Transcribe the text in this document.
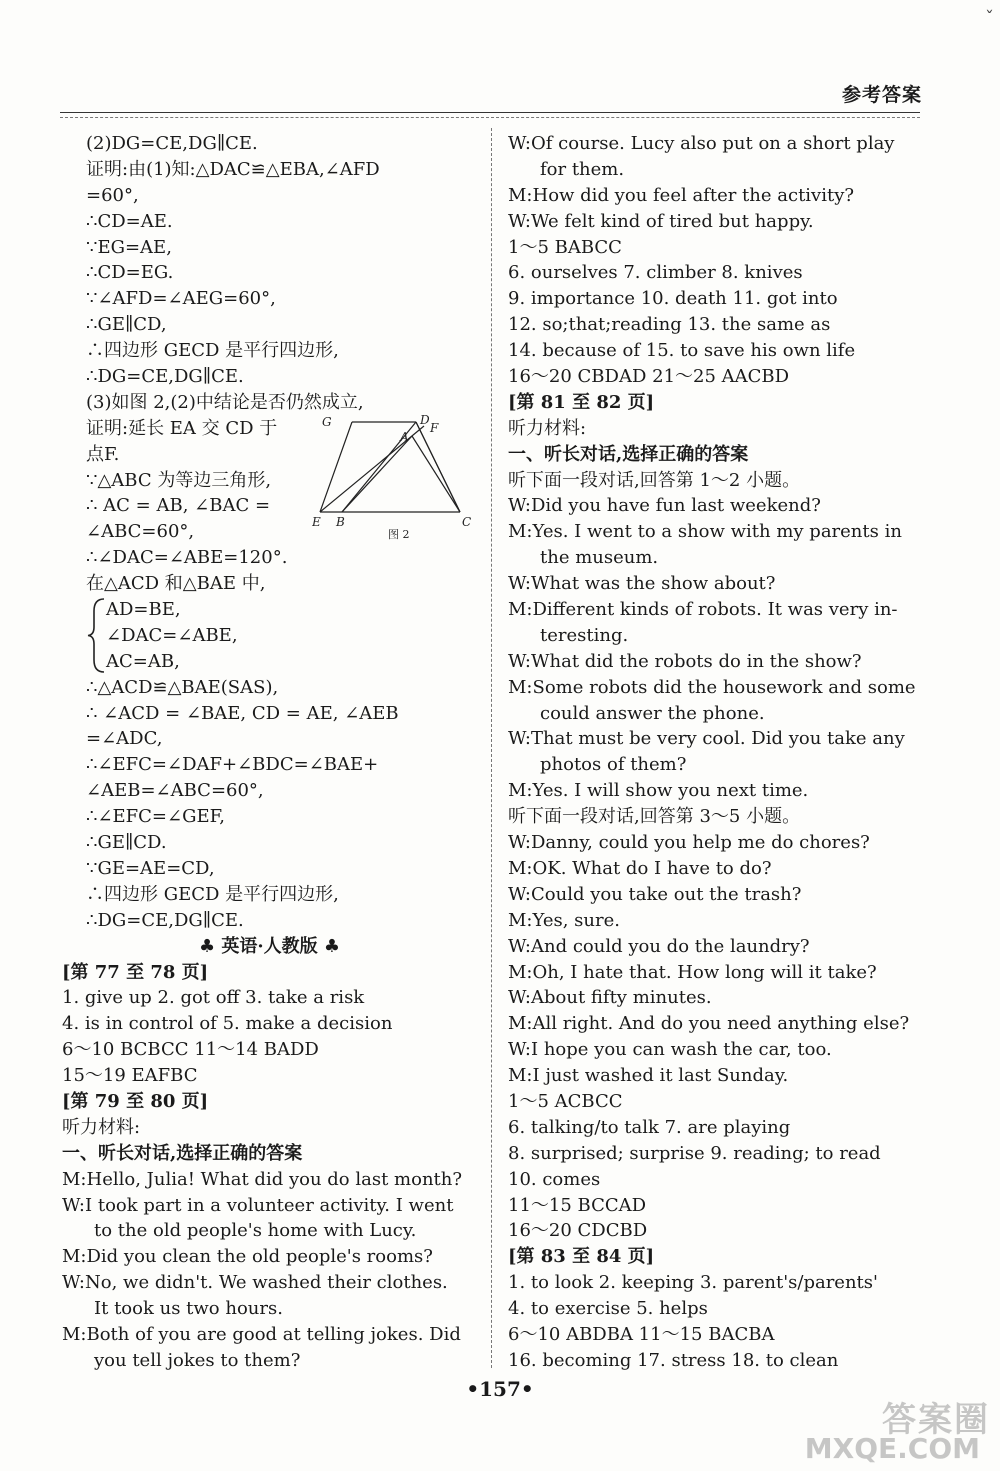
ˇ
参考答案
(2)DG=CE,DG∥CE.
证明:由(1)知:△DAC≌△EBA,∠AFD
=60°,
∴CD=AE.
∵EG=AE,
∴CD=EG.
∵∠AFD=∠AEG=60°,
∴GE∥CD,
∴四边形 GECD 是平行四边形,
∴DG=CE,DG∥CE.
(3)如图 2,(2)中结论是否仍然成立,
证明:延长 EA 交 CD 于
点F.
∵△ABC 为等边三角形,
∴ AC = AB, ∠BAC =
∠ABC=60°,
∴∠DAC=∠ABE=120°.
在△ACD 和△BAE 中,
AD=BE,
∠DAC=∠ABE,
AC=AB,
∴△ACD≌△BAE(SAS),
∴ ∠ACD = ∠BAE, CD = AE, ∠AEB
=∠ADC,
∴∠EFC=∠DAF+∠BDC=∠BAE+
∠AEB=∠ABC=60°,
∴∠EFC=∠GEF,
∴GE∥CD.
∵GE=AE=CD,
∴四边形 GECD 是平行四边形,
∴DG=CE,DG∥CE.
♣ 英语·人教版 ♣
[第 77 至 78 页]
1. give up 2. got off 3. take a risk
4. is in control of 5. make a decision
6～10 BCBCC 11～14 BADD
15～19 EAFBC
[第 79 至 80 页]
听力材料:
一、听长对话,选择正确的答案
M:Hello, Julia! What did you do last month?
W:I took part in a volunteer activity. I went
to the old people's home with Lucy.
M:Did you clean the old people's rooms?
W:No, we didn't. We washed their clothes.
It took us two hours.
M:Both of you are good at telling jokes. Did
you tell jokes to them?
G	D
F
A
E B	C
图 2
W:Of course. Lucy also put on a short play
for them.
M:How did you feel after the activity?
W:We felt kind of tired but happy.
1～5 BABCC
6. ourselves 7. climber 8. knives
9. importance 10. death 11. got into
12. so;that;reading 13. the same as
14. because of 15. to save his own life
16～20 CBDAD 21～25 AACBD
[第 81 至 82 页]
听力材料:
一、听长对话,选择正确的答案
听下面一段对话,回答第 1～2 小题。
W:Did you have fun last weekend?
M:Yes. I went to a show with my parents in
the museum.
W:What was the show about?
M:Different kinds of robots. It was very in-
teresting.
W:What did the robots do in the show?
M:Some robots did the housework and some
could answer the phone.
W:That must be very cool. Did you take any
photos of them?
M:Yes. I will show you next time.
听下面一段对话,回答第 3～5 小题。
W:Danny, could you help me do chores?
M:OK. What do I have to do?
W:Could you take out the trash?
M:Yes, sure.
W:And could you do the laundry?
M:Oh, I hate that. How long will it take?
W:About fifty minutes.
M:All right. And do you need anything else?
W:I hope you can wash the car, too.
M:I just washed it last Sunday.
1～5 ACBCC
6. talking/to talk 7. are playing
8. surprised; surprise 9. reading; to read
10. comes
11～15 BCCAD
16～20 CDCBD
[第 83 至 84 页]
1. to look 2. keeping 3. parent's/parents'
4. to exercise 5. helps
6～10 ABDBA 11～15 BACBA
16. becoming 17. stress 18. to clean
•157•
答案圈
MXQE.COM
